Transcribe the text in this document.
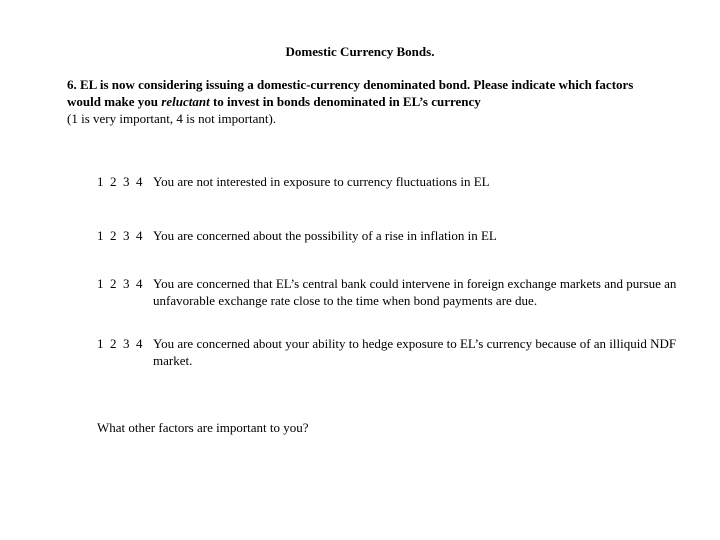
Domestic Currency Bonds.
6. EL is now considering issuing a domestic-currency denominated bond. Please indicate which factors would make you reluctant to invest in bonds denominated in EL’s currency
(1 is very important, 4 is not important).
1  2  3  4 You are not interested in exposure to currency fluctuations in EL
1  2  3  4 You are concerned about the possibility of a rise in inflation in EL
1  2  3  4 You are concerned that EL’s central bank could intervene in foreign exchange markets and pursue an unfavorable exchange rate close to the time when bond payments are due.
1  2  3  4 You are concerned about your ability to hedge exposure to EL’s currency because of an illiquid NDF market.
What other factors are important to you?
